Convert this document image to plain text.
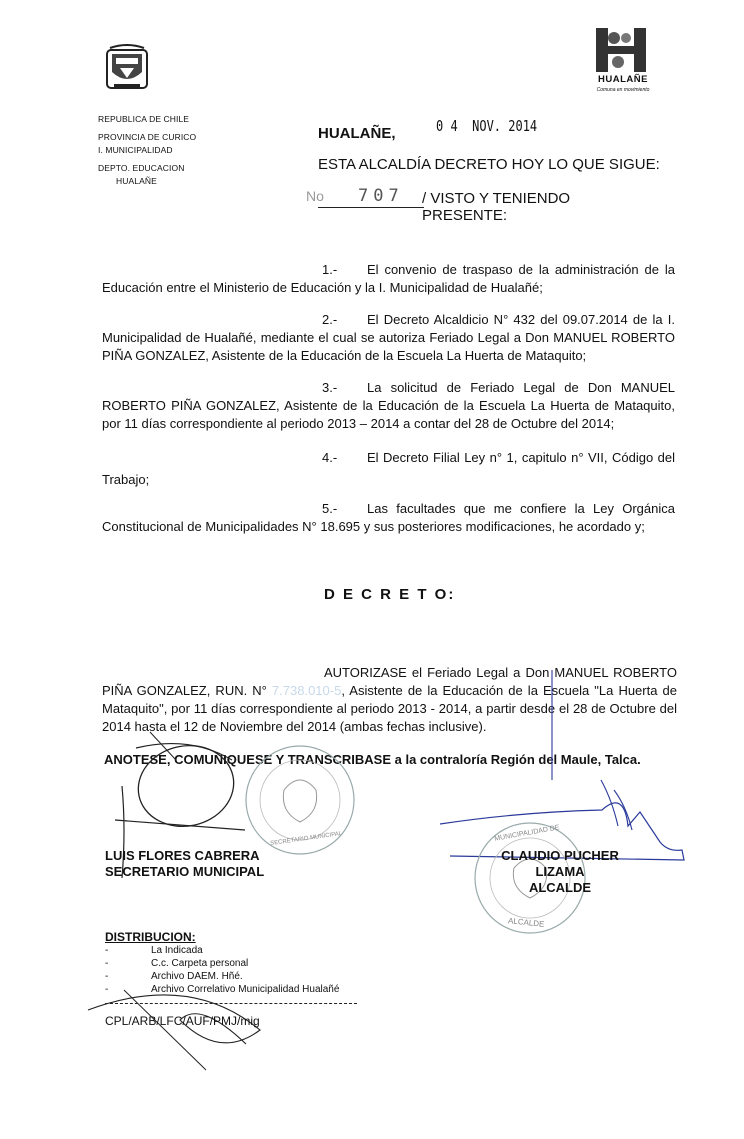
HUALAÑE
Comuna en movimiento
REPUBLICA DE CHILE
PROVINCIA DE CURICO
I. MUNICIPALIDAD
DEPTO. EDUCACION
HUALAÑE
HUALAÑE,	0 4  NOV. 2014
ESTA ALCALDÍA DECRETO HOY LO QUE SIGUE:
No 707 / VISTO Y TENIENDO PRESENTE:
1.- El convenio de traspaso de la administración de la
Educación entre el Ministerio de Educación y la I. Municipalidad de Hualañé;
2.- El Decreto Alcaldicio N° 432 del 09.07.2014 de la I.
Municipalidad de Hualañé, mediante el cual se autoriza Feriado Legal a Don MANUEL ROBERTO PIÑA GONZALEZ, Asistente de la Educación de la Escuela La Huerta de Mataquito;
3.- La solicitud de Feriado Legal de Don MANUEL
ROBERTO PIÑA GONZALEZ, Asistente de la Educación de la Escuela La Huerta de Mataquito, por 11 días correspondiente al periodo 2013 – 2014 a contar del 28 de Octubre del 2014;
4.- El Decreto Filial Ley n° 1, capitulo n° VII, Código del
Trabajo;
5.- Las facultades que me confiere la Ley Orgánica
Constitucional de Municipalidades N° 18.695 y sus posteriores modificaciones, he acordado y;
D E C R E T O:
AUTORIZASE el Feriado Legal a Don MANUEL ROBERTO
PIÑA GONZALEZ, RUN. N° 7.738.010-5, Asistente de la Educación de la Escuela "La Huerta de Mataquito", por 11 días correspondiente al periodo 2013 - 2014, a partir desde el 28 de Octubre del 2014 hasta el 12 de Noviembre del 2014 (ambas fechas inclusive).
ANOTESE, COMUNIQUESE Y TRANSCRIBASE a la contraloría Región del Maule, Talca.
SECRETARIO MUNICIPAL	MUNICIPALIDAD DE
ALCALDE
LUIS FLORES CABRERA
SECRETARIO MUNICIPAL
CLAUDIO PUCHER LIZAMA
ALCALDE
DISTRIBUCION:
-	La Indicada
-	C.c. Carpeta personal
-	Archivo DAEM. Hñé.
-	Archivo Correlativo Municipalidad Hualañé
CPL/ARB/LFC/AUF/PMJ/mig
